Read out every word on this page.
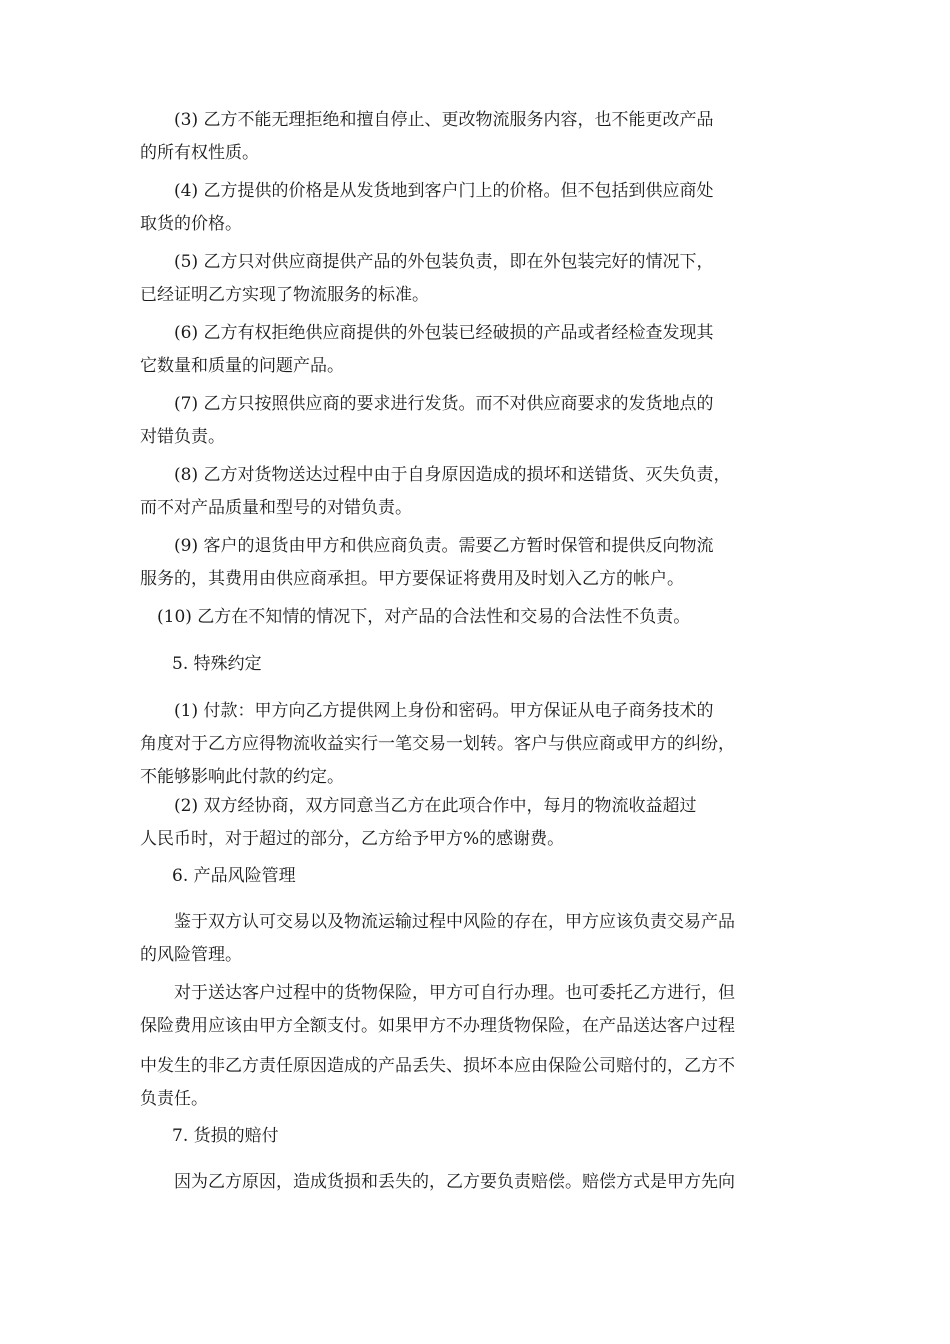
　　(3) 乙方不能无理拒绝和擅自停止、更改物流服务内容，也不能更改产品
的所有权性质。

　　(4) 乙方提供的价格是从发货地到客户门上的价格。但不包括到供应商处
取货的价格。

　　(5) 乙方只对供应商提供产品的外包装负责，即在外包装完好的情况下，
已经证明乙方实现了物流服务的标准。

　　(6) 乙方有权拒绝供应商提供的外包装已经破损的产品或者经检查发现其
它数量和质量的问题产品。

　　(7) 乙方只按照供应商的要求进行发货。而不对供应商要求的发货地点的
对错负责。

　　(8) 乙方对货物送达过程中由于自身原因造成的损坏和送错货、灭失负责，
而不对产品质量和型号的对错负责。

　　(9) 客户的退货由甲方和供应商负责。需要乙方暂时保管和提供反向物流
服务的，其费用由供应商承担。甲方要保证将费用及时划入乙方的帐户。

　(10) 乙方在不知情的情况下，对产品的合法性和交易的合法性不负责。

5. 特殊约定

　　(1) 付款：甲方向乙方提供网上身份和密码。甲方保证从电子商务技术的
角度对于乙方应得物流收益实行一笔交易一划转。客户与供应商或甲方的纠纷，
不能够影响此付款的约定。

　　(2) 双方经协商，双方同意当乙方在此项合作中，每月的物流收益超过
人民币时，对于超过的部分，乙方给予甲方%的感谢费。

6. 产品风险管理

　　鉴于双方认可交易以及物流运输过程中风险的存在，甲方应该负责交易产品
的风险管理。

　　对于送达客户过程中的货物保险，甲方可自行办理。也可委托乙方进行，但
保险费用应该由甲方全额支付。如果甲方不办理货物保险，在产品送达客户过程

中发生的非乙方责任原因造成的产品丢失、损坏本应由保险公司赔付的，乙方不
负责任。

7. 货损的赔付

　　因为乙方原因，造成货损和丢失的，乙方要负责赔偿。赔偿方式是甲方先向
